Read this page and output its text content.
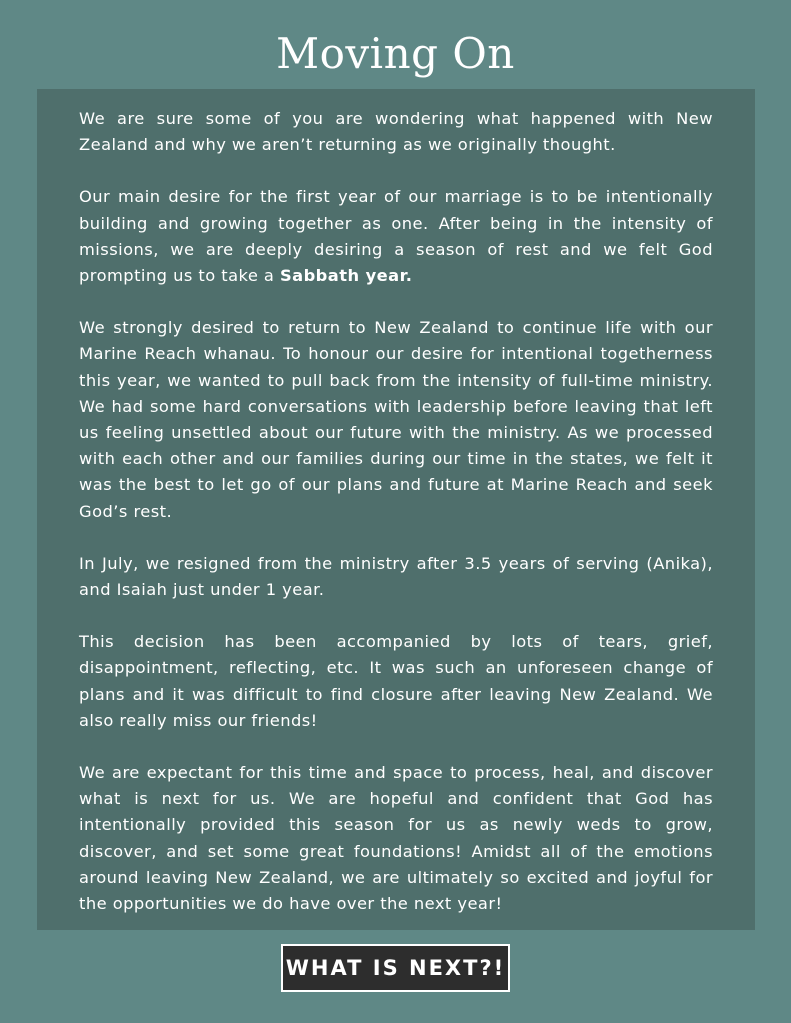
Moving On

We are sure some of you are wondering what happened with New Zealand and why we aren’t returning as we originally thought.

Our main desire for the first year of our marriage is to be intentionally building and growing together as one. After being in the intensity of missions, we are deeply desiring a season of rest and we felt God prompting us to take a Sabbath year.

We strongly desired to return to New Zealand to continue life with our Marine Reach whanau. To honour our desire for intentional togetherness this year, we wanted to pull back from the intensity of full-time ministry. We had some hard conversations with leadership before leaving that left us feeling unsettled about our future with the ministry. As we processed with each other and our families during our time in the states, we felt it was the best to let go of our plans and future at Marine Reach and seek God’s rest.

In July, we resigned from the ministry after 3.5 years of serving (Anika), and Isaiah just under 1 year.

This decision has been accompanied by lots of tears, grief, disappointment, reflecting, etc. It was such an unforeseen change of plans and it was difficult to find closure after leaving New Zealand. We also really miss our friends!

We are expectant for this time and space to process, heal, and discover what is next for us. We are hopeful and confident that God has intentionally provided this season for us as newly weds to grow, discover, and set some great foundations! Amidst all of the emotions around leaving New Zealand, we are ultimately so excited and joyful for the opportunities we do have over the next year!

WHAT IS NEXT?!
